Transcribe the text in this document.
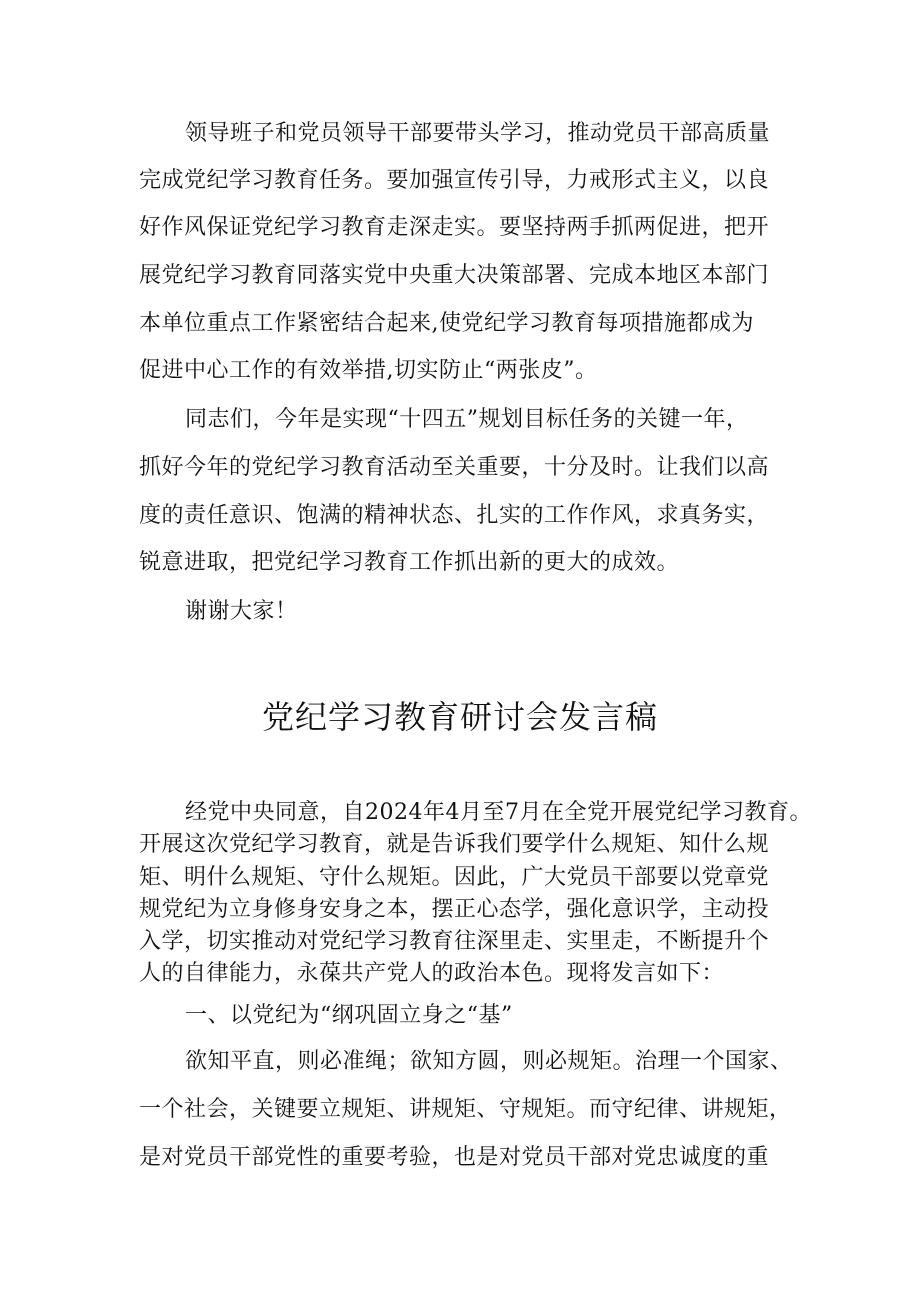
领导班子和党员领导干部要带头学习，推动党员干部高质量
完成党纪学习教育任务。要加强宣传引导，力戒形式主义，以良
好作风保证党纪学习教育走深走实。要坚持两手抓两促进，把开
展党纪学习教育同落实党中央重大决策部署、完成本地区本部门
本单位重点工作紧密结合起来,使党纪学习教育每项措施都成为
促进中心工作的有效举措,切实防止“两张皮”。
同志们，今年是实现“十四五”规划目标任务的关键一年，
抓好今年的党纪学习教育活动至关重要，十分及时。让我们以高
度的责任意识、饱满的精神状态、扎实的工作作风，求真务实，
锐意进取，把党纪学习教育工作抓出新的更大的成效。
谢谢大家！
党纪学习教育研讨会发言稿
经党中央同意，自2024年4月至7月在全党开展党纪学习教育。
开展这次党纪学习教育，就是告诉我们要学什么规矩、知什么规
矩、明什么规矩、守什么规矩。因此，广大党员干部要以党章党
规党纪为立身修身安身之本，摆正心态学，强化意识学，主动投
入学，切实推动对党纪学习教育往深里走、实里走，不断提升个
人的自律能力，永葆共产党人的政治本色。现将发言如下：
一、以党纪为“纲巩固立身之“基”
欲知平直，则必准绳；欲知方圆，则必规矩。治理一个国家、
一个社会，关键要立规矩、讲规矩、守规矩。而守纪律、讲规矩，
是对党员干部党性的重要考验，也是对党员干部对党忠诚度的重
